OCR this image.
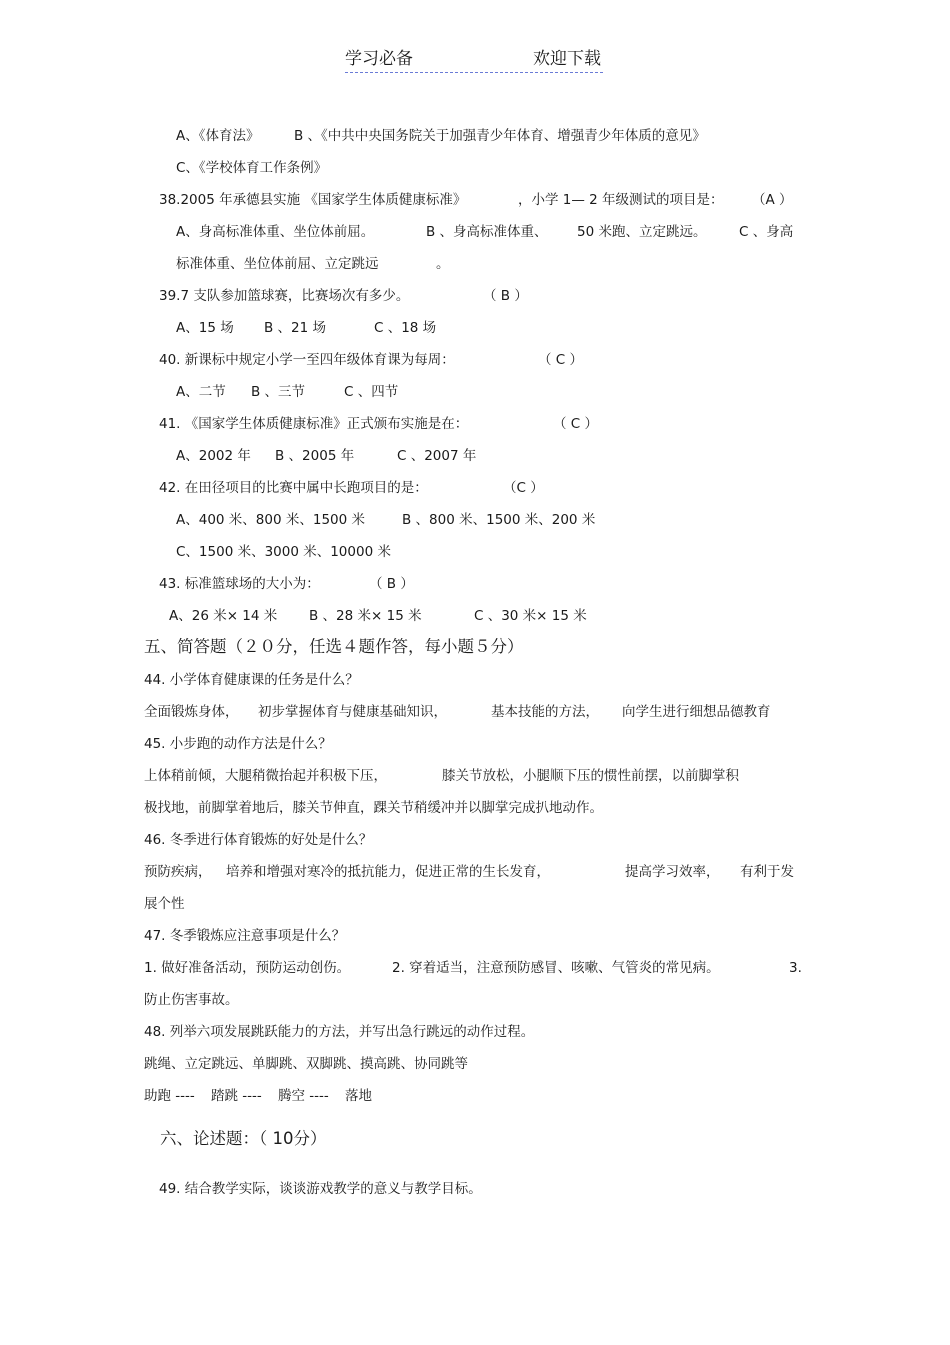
学习必备	欢迎下载
A、《体育法》	B 、《中共中央国务院关于加强青少年体育、增强青少年体质的意见》
C、《学校体育工作条例》
38.2005 年承德县实施 《国家学生体质健康标准》	，小学 1— 2 年级测试的项目是： （A ）
A、身高标准体重、坐位体前屈。	B 、身高标准体重、 50 米跑、立定跳远。 C 、身高
标准体重、坐位体前屈、立定跳远	。
39.7 支队参加篮球赛，比赛场次有多少。	（ B ）
A、15 场 B 、21 场	C 、18 场
40. 新课标中规定小学一至四年级体育课为每周：	（ C ）
A、二节 B 、三节	C 、四节
41. 《国家学生体质健康标准》正式颁布实施是在：	（ C ）
A、2002 年 B 、2005 年	C 、2007 年
42. 在田径项目的比赛中属中长跑项目的是：	（C ）
A、400 米、800 米、1500 米	B 、800 米、1500 米、200 米
C、1500 米、3000 米、10000 米
43. 标准篮球场的大小为：	（ B ）
A、26 米× 14 米 B 、28 米× 15 米	C 、30 米× 15 米
五、简答题（２０分，任选４题作答，每小题５分）
44. 小学体育健康课的任务是什么？
全面锻炼身体， 初步掌握体育与健康基础知识，	基本技能的方法， 向学生进行细想品德教育
45. 小步跑的动作方法是什么？
上体稍前倾，大腿稍微抬起并积极下压，	膝关节放松，小腿顺下压的惯性前摆，以前脚掌积
极找地，前脚掌着地后，膝关节伸直，踝关节稍缓冲并以脚掌完成扒地动作。
46. 冬季进行体育锻炼的好处是什么？
预防疾病， 培养和增强对寒冷的抵抗能力，促进正常的生长发育，	提高学习效率， 有利于发
展个性
47. 冬季锻炼应注意事项是什么？
1. 做好准备活动，预防运动创伤。	2. 穿着适当，注意预防感冒、咳嗽、气管炎的常见病。	3.
防止伤害事故。
48. 列举六项发展跳跃能力的方法，并写出急行跳远的动作过程。
跳绳、立定跳远、单脚跳、双脚跳、摸高跳、协同跳等
助跑 ---- 踏跳 ---- 腾空 ---- 落地
六、论述题：（ 10分）
49. 结合教学实际，谈谈游戏教学的意义与教学目标。
